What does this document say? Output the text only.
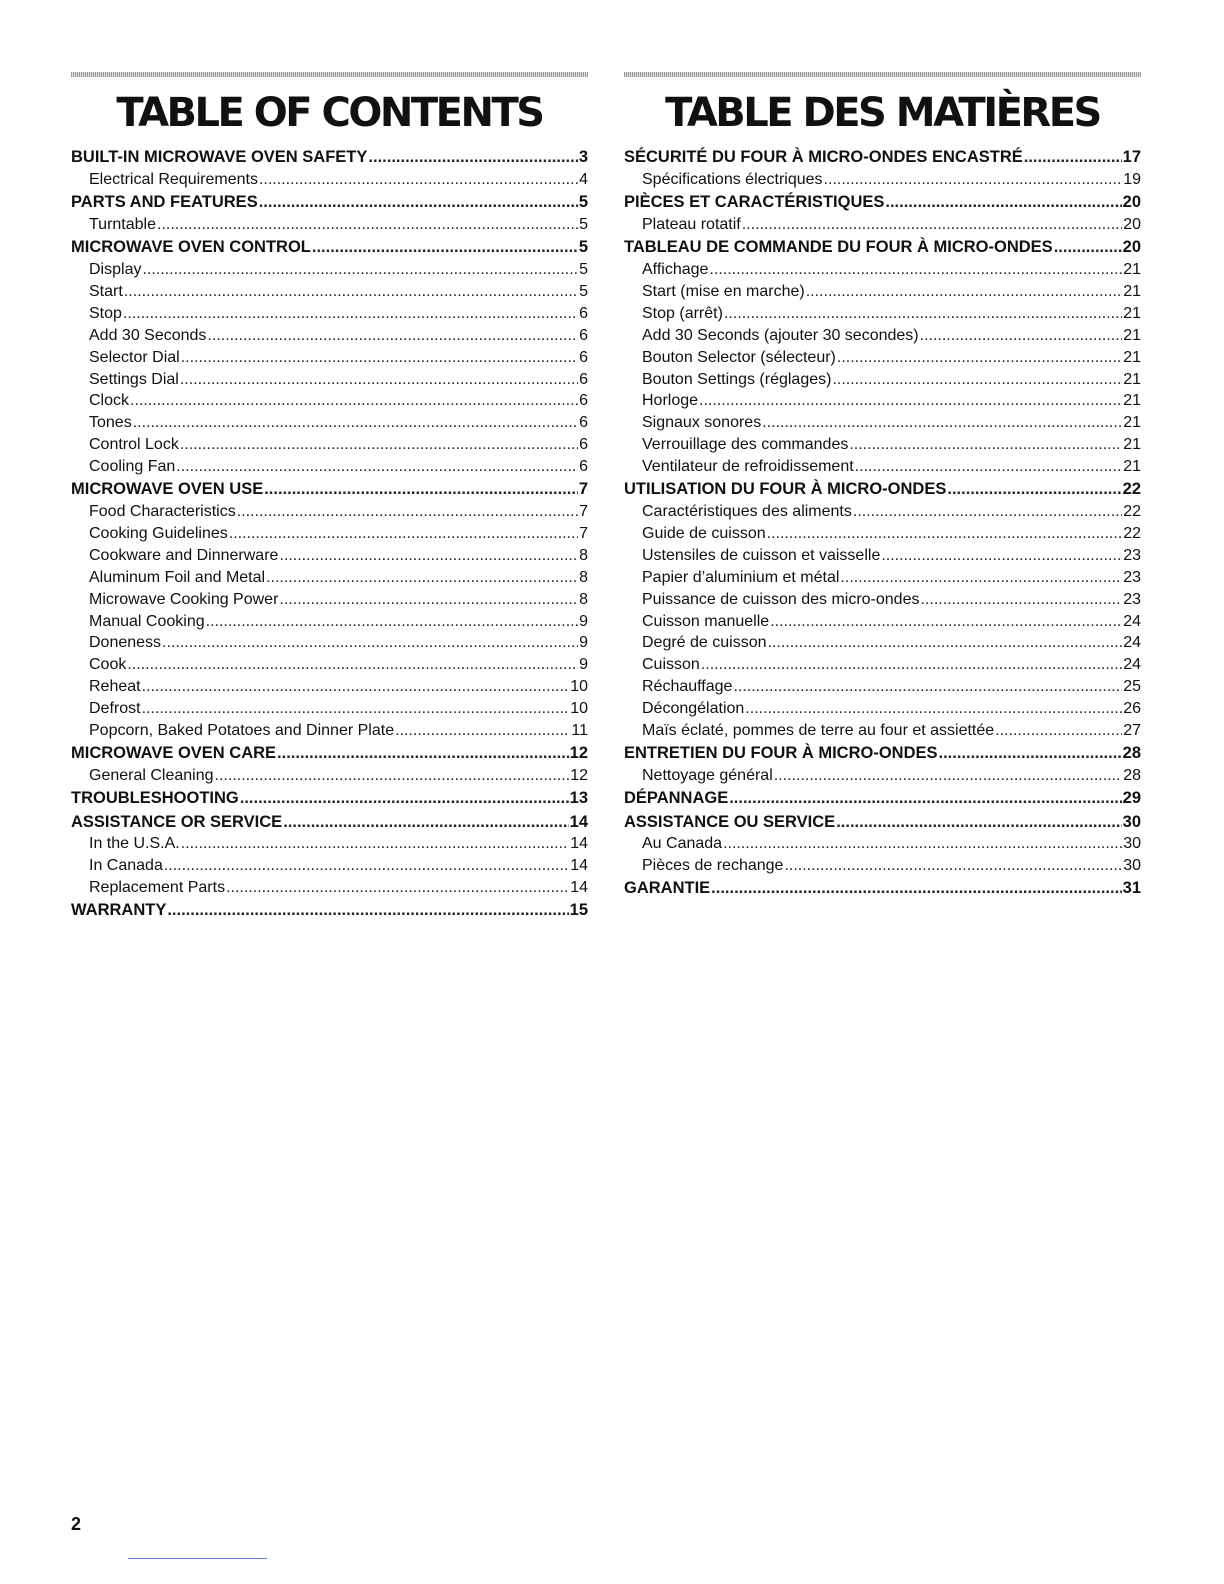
TABLE OF CONTENTS
BUILT-IN MICROWAVE OVEN SAFETY .....	3
Electrical Requirements .....	4
PARTS AND FEATURES .....	5
Turntable .....	5
MICROWAVE OVEN CONTROL .....	5
Display .....	5
Start .....	5
Stop .....	6
Add 30 Seconds .....	6
Selector Dial .....	6
Settings Dial .....	6
Clock .....	6
Tones .....	6
Control Lock .....	6
Cooling Fan .....	6
MICROWAVE OVEN USE .....	7
Food Characteristics .....	7
Cooking Guidelines .....	7
Cookware and Dinnerware .....	8
Aluminum Foil and Metal .....	8
Microwave Cooking Power .....	8
Manual Cooking .....	9
Doneness .....	9
Cook .....	9
Reheat .....	10
Defrost .....	10
Popcorn, Baked Potatoes and Dinner Plate .....	11
MICROWAVE OVEN CARE .....	12
General Cleaning .....	12
TROUBLESHOOTING .....	13
ASSISTANCE OR SERVICE .....	14
In the U.S.A. .....	14
In Canada .....	14
Replacement Parts .....	14
WARRANTY .....	15
TABLE DES MATIÈRES
SÉCURITÉ DU FOUR À MICRO-ONDES ENCASTRÉ .....	17
Spécifications électriques .....	19
PIÈCES ET CARACTÉRISTIQUES .....	20
Plateau rotatif .....	20
TABLEAU DE COMMANDE DU FOUR À MICRO-ONDES .....	20
Affichage .....	21
Start (mise en marche) .....	21
Stop (arrêt) .....	21
Add 30 Seconds (ajouter 30 secondes) .....	21
Bouton Selector (sélecteur) .....	21
Bouton Settings (réglages) .....	21
Horloge .....	21
Signaux sonores .....	21
Verrouillage des commandes .....	21
Ventilateur de refroidissement .....	21
UTILISATION DU FOUR À MICRO-ONDES .....	22
Caractéristiques des aliments .....	22
Guide de cuisson .....	22
Ustensiles de cuisson et vaisselle .....	23
Papier d’aluminium et métal .....	23
Puissance de cuisson des micro-ondes .....	23
Cuisson manuelle .....	24
Degré de cuisson .....	24
Cuisson .....	24
Réchauffage .....	25
Décongélation .....	26
Maïs éclaté, pommes de terre au four et assiettée .....	27
ENTRETIEN DU FOUR À MICRO-ONDES .....	28
Nettoyage général .....	28
DÉPANNAGE .....	29
ASSISTANCE OU SERVICE .....	30
Au Canada .....	30
Pièces de rechange .....	30
GARANTIE .....	31
2
